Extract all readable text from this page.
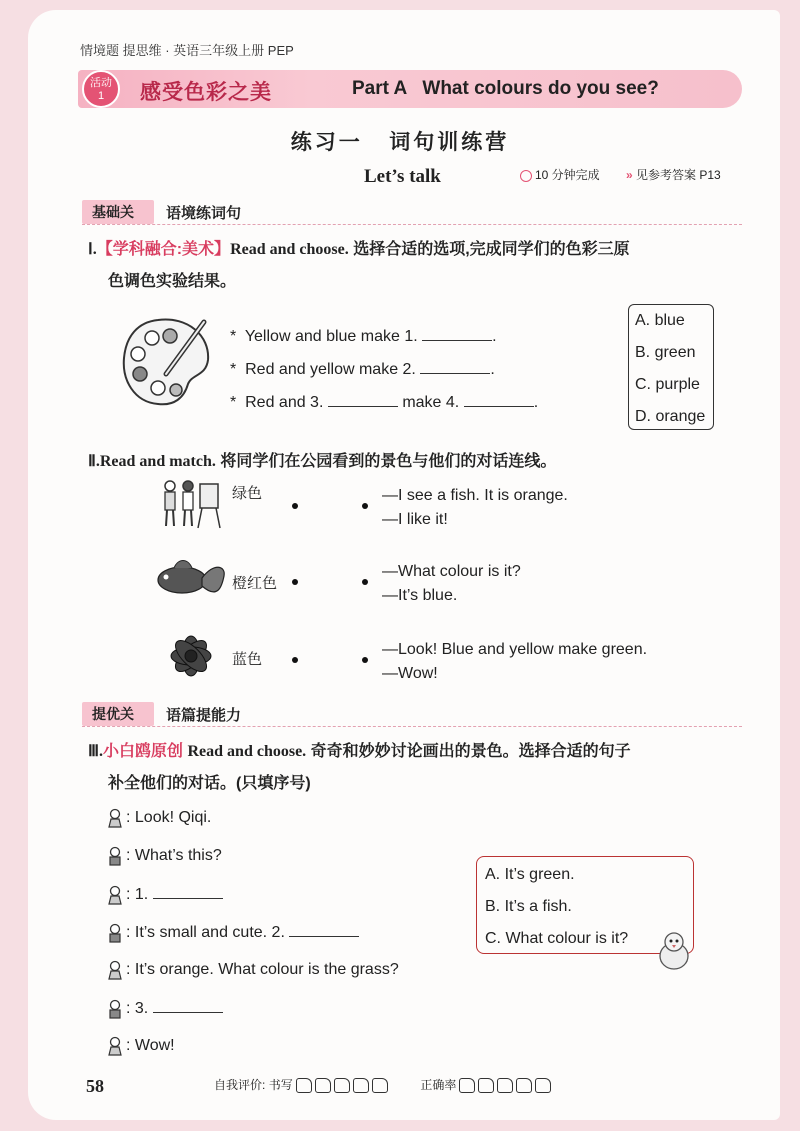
情境题 提思维 · 英语三年级上册 PEP
活动
1	感受色彩之美	Part A   What colours do you see?
练习一   词句训练营
Let’s talk	10 分钟完成 » 见参考答案 P13
基础关	语境练词句
Ⅰ.【学科融合:美术】Read and choose. 选择合适的选项,完成同学们的色彩三原
色调色实验结果。
*  Yellow and blue make 1.	.
*  Red and yellow make 2.	.
*  Red and 3.	make 4.	.
A. blue
B. green
C. purple
D. orange
Ⅱ.Read and match. 将同学们在公园看到的景色与他们的对话连线。
绿色	—I see a fish. It is orange.
—I like it!
橙红色
—What colour is it?
—It’s blue.
蓝色
—Look! Blue and yellow make green.
—Wow!
提优关	语篇提能力
Ⅲ.小白鸥原创 Read and choose. 奇奇和妙妙讨论画出的景色。选择合适的句子
补全他们的对话。(只填序号)
: Look! Qiqi.
: What’s this?
: 1.
: It’s small and cute. 2.
: It’s orange. What colour is the grass?
: 3.
: Wow!
A. It’s green.
B. It’s a fish.
C. What colour is it?
58	自我评价: 书写	正确率
